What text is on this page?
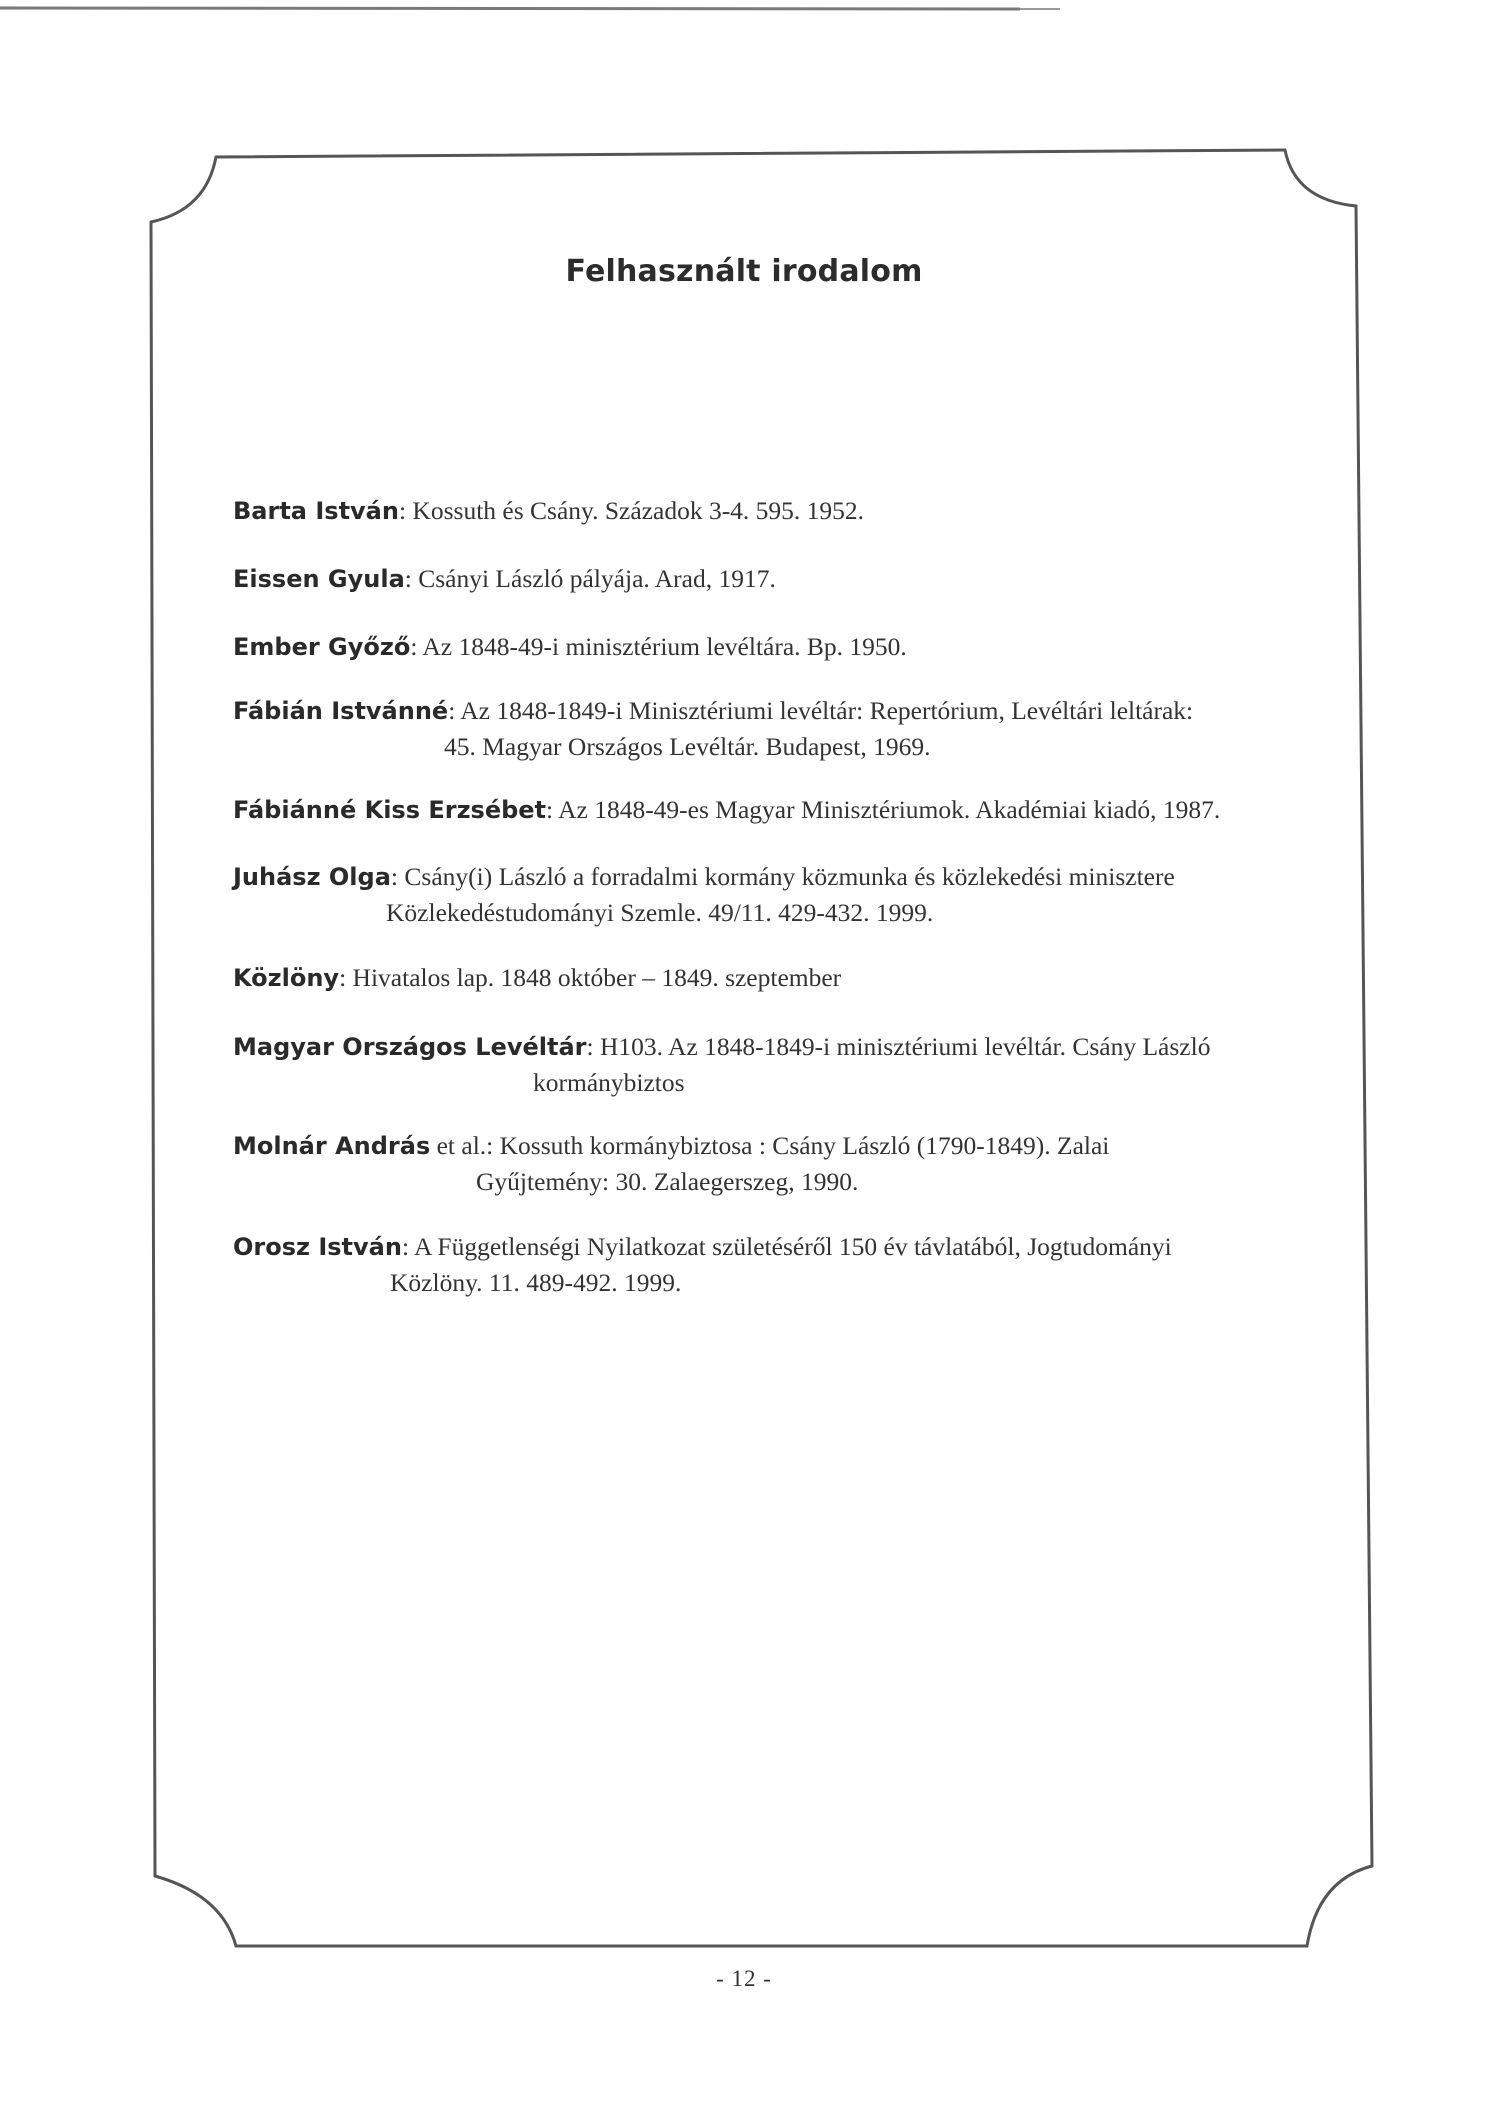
Felhasznált irodalom
Barta István: Kossuth és Csány. Századok 3-4. 595. 1952.
Eissen Gyula: Csányi László pályája. Arad, 1917.
Ember Győző: Az 1848-49-i minisztérium levéltára. Bp. 1950.
Fábián Istvánné: Az 1848-1849-i Minisztériumi levéltár: Repertórium, Levéltári leltárak:
45. Magyar Országos Levéltár. Budapest, 1969.
Fábiánné Kiss Erzsébet: Az 1848-49-es Magyar Minisztériumok. Akadémiai kiadó, 1987.
Juhász Olga: Csány(i) László a forradalmi kormány közmunka és közlekedési minisztere
Közlekedéstudományi Szemle. 49/11. 429-432. 1999.
Közlöny: Hivatalos lap. 1848 október – 1849. szeptember
Magyar Országos Levéltár: H103. Az 1848-1849-i minisztériumi levéltár. Csány László
kormánybiztos
Molnár András et al.: Kossuth kormánybiztosa : Csány László (1790-1849). Zalai
Gyűjtemény: 30. Zalaegerszeg, 1990.
Orosz István: A Függetlenségi Nyilatkozat születéséről 150 év távlatából, Jogtudományi
Közlöny. 11. 489-492. 1999.
- 12 -
